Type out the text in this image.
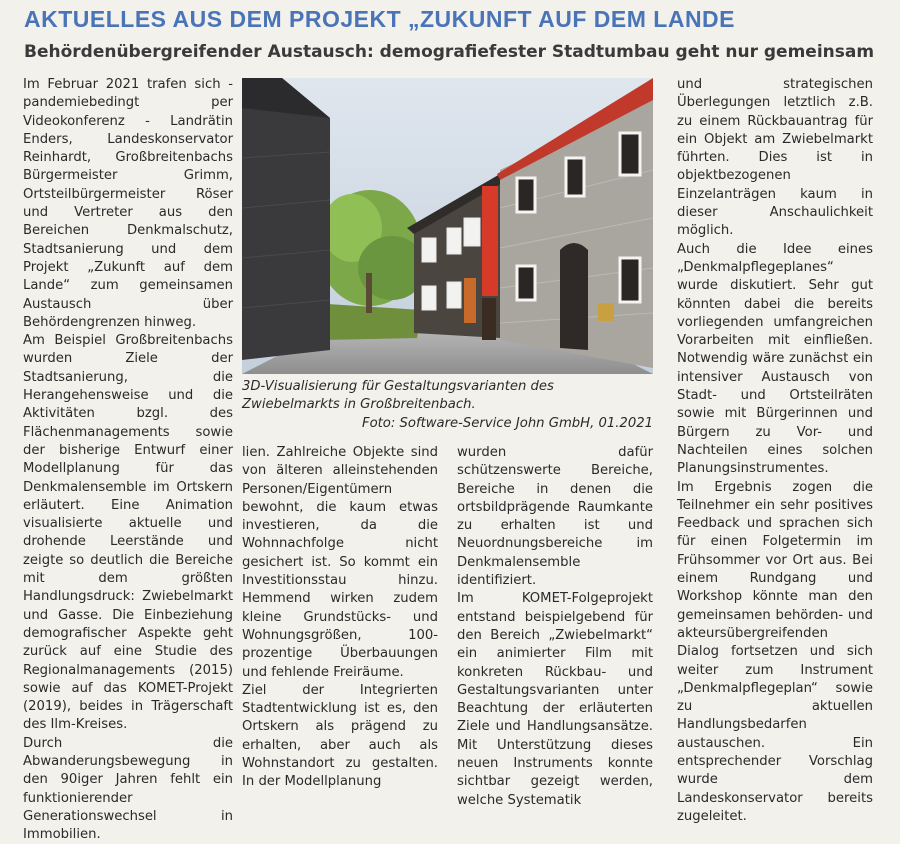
AKTUELLES AUS DEM PROJEKT „ZUKUNFT AUF DEM LANDE
Behördenübergreifender Austausch: demografiefester Stadtumbau geht nur gemeinsam

Im Februar 2021 trafen sich - pandemiebedingt per Videokonferenz - Landrätin Enders, Landeskonservator Reinhardt, Großbreitenbachs Bürgermeister Grimm, Ortsteilbürgermeister Röser und Vertreter aus den Bereichen Denkmalschutz, Stadtsanierung und dem Projekt „Zukunft auf dem Lande“ zum gemeinsamen Austausch über Behördengrenzen hinweg.

Am Beispiel Großbreitenbachs wurden Ziele der Stadtsanierung, die Herangehensweise und die Aktivitäten bzgl. des Flächenmanagements sowie der bisherige Entwurf einer Modellplanung für das Denkmalensemble im Ortskern erläutert. Eine Animation visualisierte aktuelle und drohende Leerstände und zeigte so deutlich die Bereiche mit dem größten Handlungsdruck: Zwiebelmarkt und Gasse. Die Einbeziehung demografischer Aspekte geht zurück auf eine Studie des Regionalmanagements (2015) sowie auf das KOMET-Projekt (2019), beides in Trägerschaft des Ilm-Kreises.

Durch die Abwanderungsbewegung in den 90iger Jahren fehlt ein funktionierender Generationswechsel in Immobilien.

3D-Visualisierung für Gestaltungsvarianten des Zwiebelmarkts in Großbreitenbach.
Foto: Software-Service John GmbH, 01.2021

lien. Zahlreiche Objekte sind von älteren alleinstehenden Personen/Eigentümern bewohnt, die kaum etwas investieren, da die Wohnnachfolge nicht gesichert ist. So kommt ein Investitionsstau hinzu. Hemmend wirken zudem kleine Grundstücks- und Wohnungsgrößen, 100-prozentige Überbauungen und fehlende Freiräume.

Ziel der Integrierten Stadtentwicklung ist es, den Ortskern als prägend zu erhalten, aber auch als Wohnstandort zu gestalten. In der Modellplanung

wurden dafür schützenswerte Bereiche, Bereiche in denen die ortsbildprägende Raumkante zu erhalten ist und Neuordnungsbereiche im Denkmalensemble identifiziert.

Im KOMET-Folgeprojekt entstand beispielgebend für den Bereich „Zwiebelmarkt“ ein animierter Film mit konkreten Rückbau- und Gestaltungsvarianten unter Beachtung der erläuterten Ziele und Handlungsansätze. Mit Unterstützung dieses neuen Instruments konnte sichtbar gezeigt werden, welche Systematik

und strategischen Überlegungen letztlich z.B. zu einem Rückbauantrag für ein Objekt am Zwiebelmarkt führten. Dies ist in objektbezogenen Einzelanträgen kaum in dieser Anschaulichkeit möglich.

Auch die Idee eines „Denkmalpflegeplanes“ wurde diskutiert. Sehr gut könnten dabei die bereits vorliegenden umfangreichen Vorarbeiten mit einfließen. Notwendig wäre zunächst ein intensiver Austausch von Stadt- und Ortsteilräten sowie mit Bürgerinnen und Bürgern zu Vor- und Nachteilen eines solchen Planungsinstrumentes.

Im Ergebnis zogen die Teilnehmer ein sehr positives Feedback und sprachen sich für einen Folgetermin im Frühsommer vor Ort aus. Bei einem Rundgang und Workshop könnte man den gemeinsamen behörden- und akteursübergreifenden Dialog fortsetzen und sich weiter zum Instrument „Denkmalpflegeplan“ sowie zu aktuellen Handlungsbedarfen austauschen. Ein entsprechender Vorschlag wurde dem Landeskonservator bereits zugeleitet.
